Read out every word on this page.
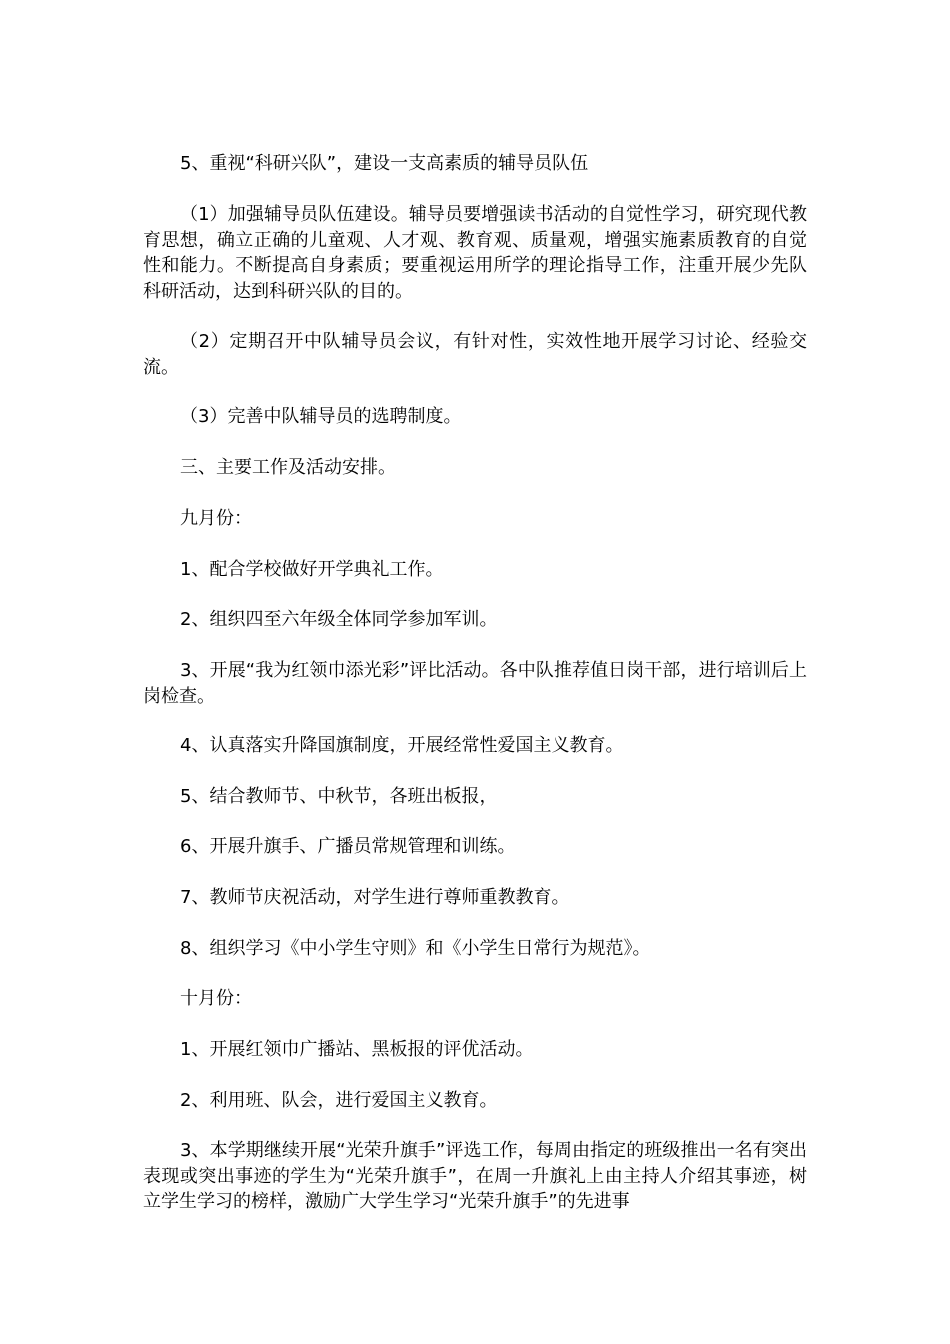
5、重视“科研兴队”，建设一支高素质的辅导员队伍

（1）加强辅导员队伍建设。辅导员要增强读书活动的自觉性学习，研究现代教育思想，确立正确的儿童观、人才观、教育观、质量观，增强实施素质教育的自觉性和能力。不断提高自身素质；要重视运用所学的理论指导工作，注重开展少先队科研活动，达到科研兴队的目的。

（2）定期召开中队辅导员会议，有针对性，实效性地开展学习讨论、经验交流。

（3）完善中队辅导员的选聘制度。

三、主要工作及活动安排。

九月份：

1、配合学校做好开学典礼工作。

2、组织四至六年级全体同学参加军训。

3、开展“我为红领巾添光彩”评比活动。各中队推荐值日岗干部，进行培训后上岗检查。

4、认真落实升降国旗制度，开展经常性爱国主义教育。

5、结合教师节、中秋节，各班出板报，

6、开展升旗手、广播员常规管理和训练。

7、教师节庆祝活动，对学生进行尊师重教教育。

8、组织学习《中小学生守则》和《小学生日常行为规范》。

十月份：

1、开展红领巾广播站、黑板报的评优活动。

2、利用班、队会，进行爱国主义教育。

3、本学期继续开展“光荣升旗手”评选工作，每周由指定的班级推出一名有突出表现或突出事迹的学生为“光荣升旗手”，在周一升旗礼上由主持人介绍其事迹，树立学生学习的榜样，激励广大学生学习“光荣升旗手”的先进事
